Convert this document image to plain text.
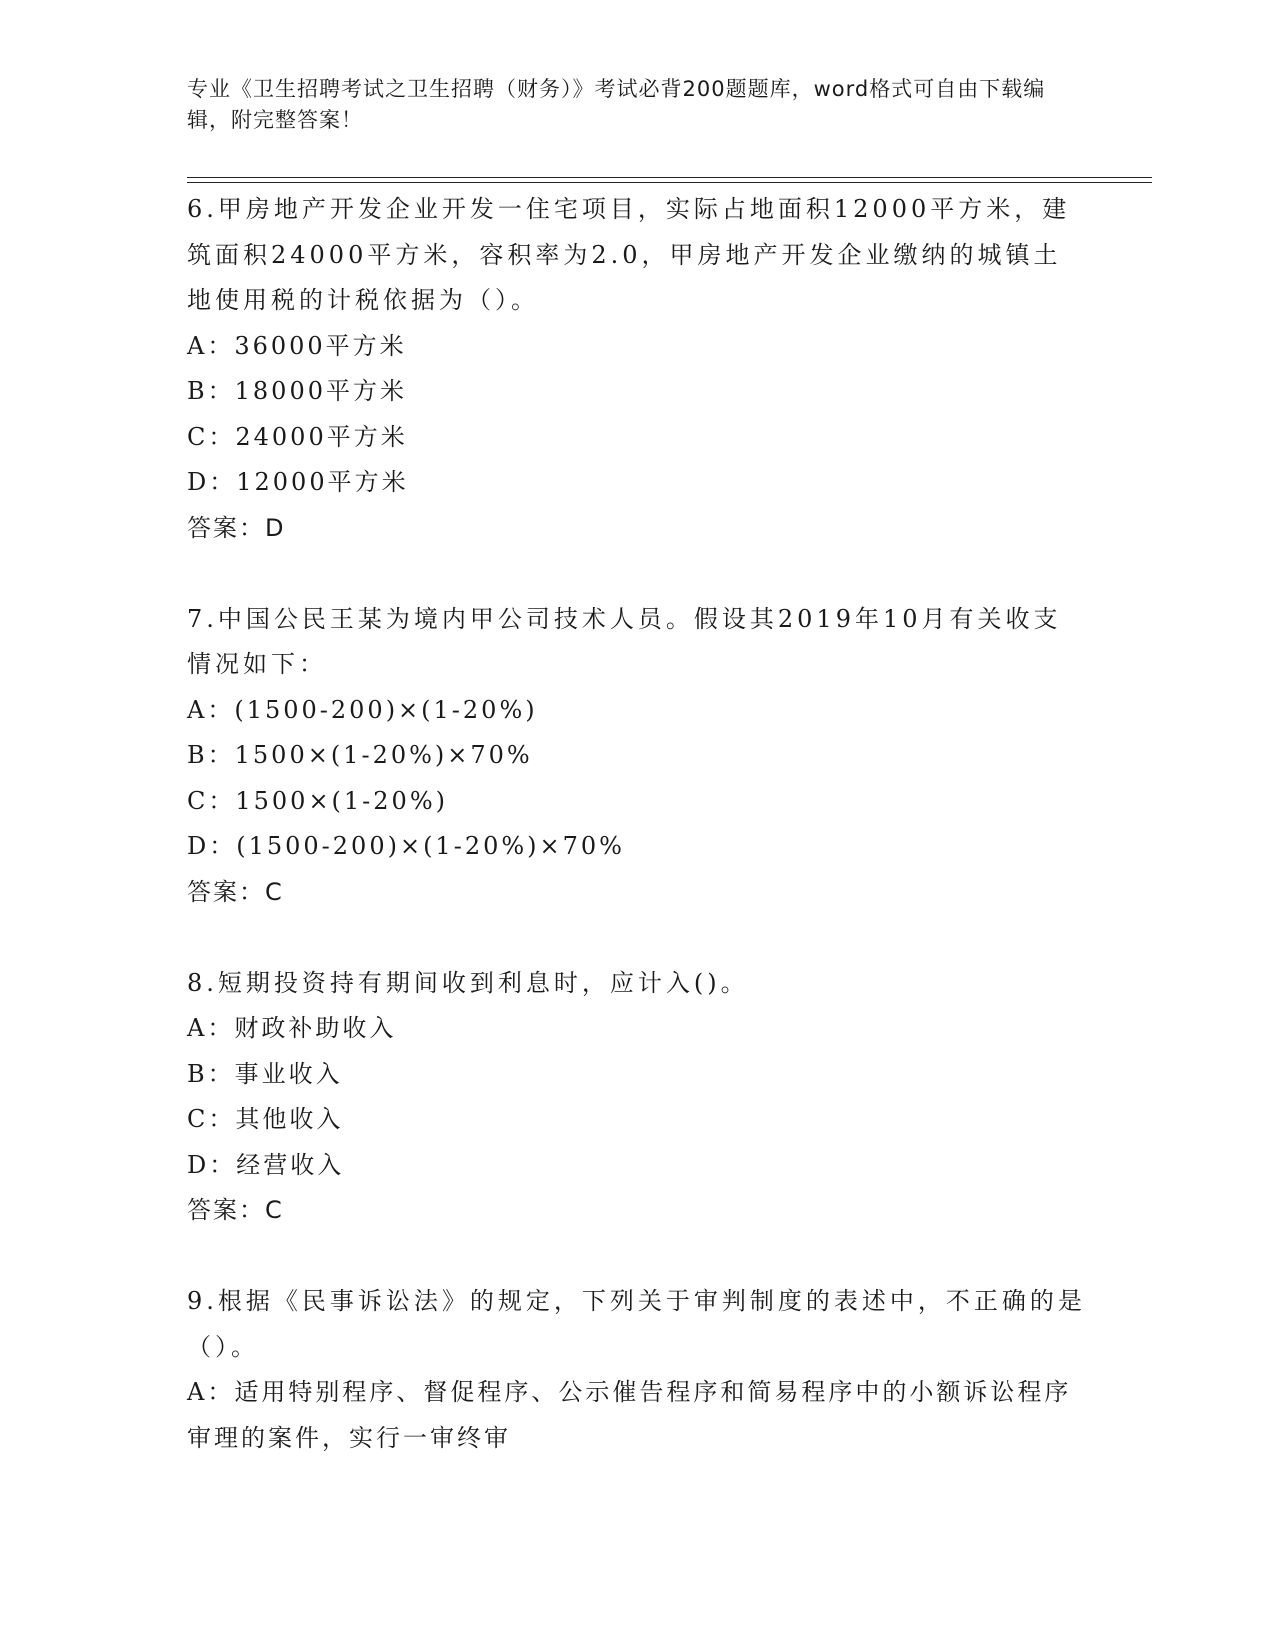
专业《卫生招聘考试之卫生招聘（财务）》考试必背200题题库，word格式可自由下载编辑，附完整答案！

6.甲房地产开发企业开发一住宅项目，实际占地面积12000平方米，建筑面积24000平方米，容积率为2.0，甲房地产开发企业缴纳的城镇土地使用税的计税依据为（）。

A：36000平方米

B：18000平方米

C：24000平方米

D：12000平方米

答案：D

7.中国公民王某为境内甲公司技术人员。假设其2019年10月有关收支情况如下：

A：(1500-200)×(1-20%)

B：1500×(1-20%)×70%

C：1500×(1-20%)

D：(1500-200)×(1-20%)×70%

答案：C

8.短期投资持有期间收到利息时，应计入()。

A：财政补助收入

B：事业收入

C：其他收入

D：经营收入

答案：C

9.根据《民事诉讼法》的规定，下列关于审判制度的表述中，不正确的是（）。

A：适用特别程序、督促程序、公示催告程序和简易程序中的小额诉讼程序审理的案件，实行一审终审
